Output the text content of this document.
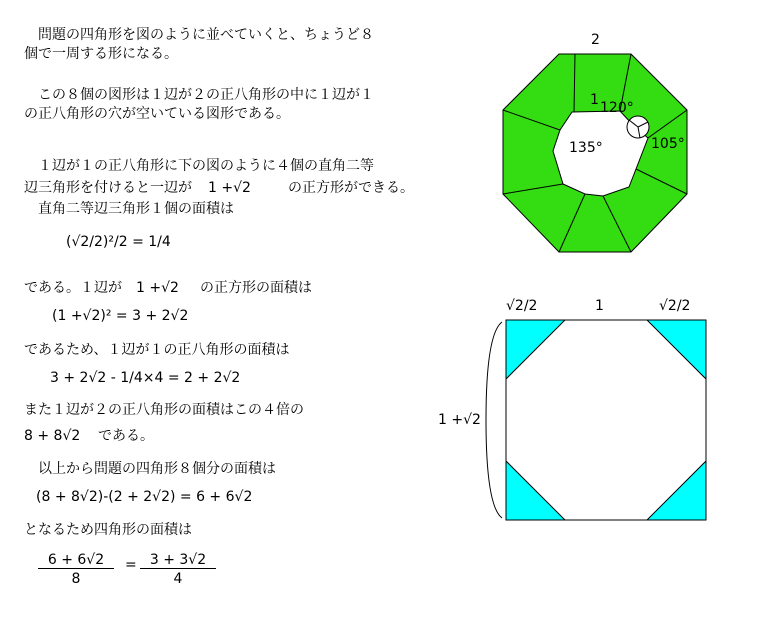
　問題の四角形を図のように並べていくと、ちょうど８
個で一周する形になる。
　この８個の図形は１辺が２の正八角形の中に１辺が１
の正八角形の穴が空いている図形である。
　１辺が１の正八角形に下の図のように４個の直角二等
辺三角形を付けると一辺が 1 +√2	の正方形ができる。
　直角二等辺三角形１個の面積は
(√2/2)²/2 = 1/4
である。１辺が 1 +√2 の正方形の面積は
(1 +√2)² = 3 + 2√2
であるため、１辺が１の正八角形の面積は
3 + 2√2 - 1/4×4 = 2 + 2√2
また１辺が２の正八角形の面積はこの４倍の
8 + 8√2 である。
　以上から問題の四角形８個分の面積は
(8 + 8√2)-(2 + 2√2) = 6 + 6√2
となるため四角形の面積は
$\frac{6 + 6√2}{8} = \frac{3 + 3√2}{4}$
2
1 120°
135°	105°
√2/2	1	√2/2
1 +√2
